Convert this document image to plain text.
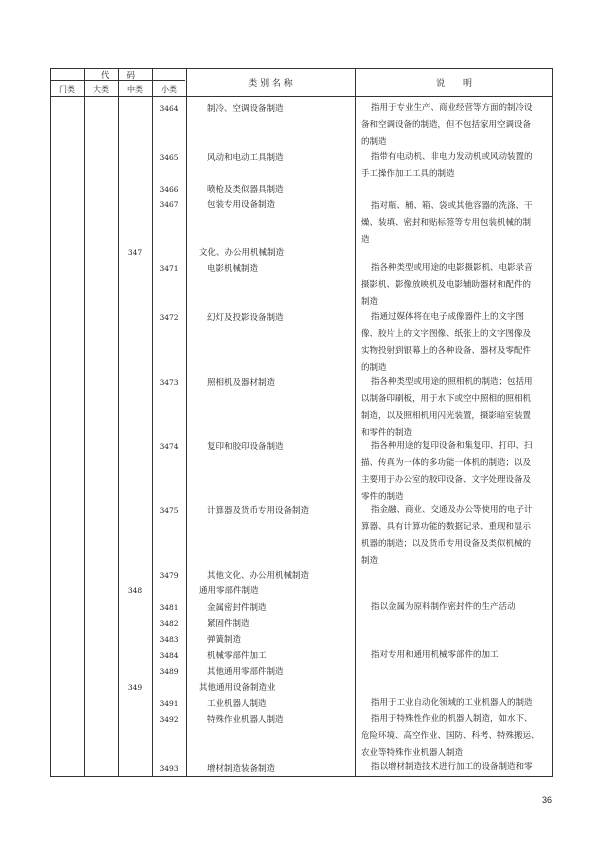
代　　码
门类	大类	中类	小类
类 别 名 称	说　　明
3464	制冷、空调设备制造	指用于专业生产、商业经营等方面的制冷设
备和空调设备的制造，但不包括家用空调设备
的制造
3465	风动和电动工具制造	指带有电动机、非电力发动机或风动装置的
手工操作加工工具的制造
3466	喷枪及类似器具制造
3467	包装专用设备制造	指对瓶、桶、箱、袋或其他容器的洗涤、干
燥、装填、密封和贴标签等专用包装机械的制
造
347	文化、办公用机械制造
3471	电影机械制造	指各种类型或用途的电影摄影机、电影录音
摄影机、影像放映机及电影辅助器材和配件的
制造
3472	幻灯及投影设备制造	指通过媒体将在电子成像器件上的文字图
像、胶片上的文字图像、纸张上的文字图像及
实物投射到银幕上的各种设备、器材及零配件
的制造
3473	照相机及器材制造	指各种类型或用途的照相机的制造；包括用
以制备印刷板，用于水下或空中照相的照相机
制造，以及照相机用闪光装置，摄影暗室装置
和零件的制造
3474	复印和胶印设备制造	指各种用途的复印设备和集复印、打印、扫
描、传真为一体的多功能一体机的制造；以及
主要用于办公室的胶印设备、文字处理设备及
零件的制造
3475	计算器及货币专用设备制造	指金融、商业、交通及办公等使用的电子计
算器、具有计算功能的数据记录、重现和显示
机器的制造；以及货币专用设备及类似机械的
制造
3479	其他文化、办公用机械制造
348	通用零部件制造
3481	金属密封件制造	指以金属为原料制作密封件的生产活动
3482	紧固件制造
3483	弹簧制造
3484	机械零部件加工	指对专用和通用机械零部件的加工
3489	其他通用零部件制造
349	其他通用设备制造业
3491	工业机器人制造	指用于工业自动化领域的工业机器人的制造
3492	特殊作业机器人制造	指用于特殊性作业的机器人制造，如水下、
危险环境、高空作业、国防、科考、特殊搬运、
农业等特殊作业机器人制造
3493	增材制造装备制造	指以增材制造技术进行加工的设备制造和零
36
